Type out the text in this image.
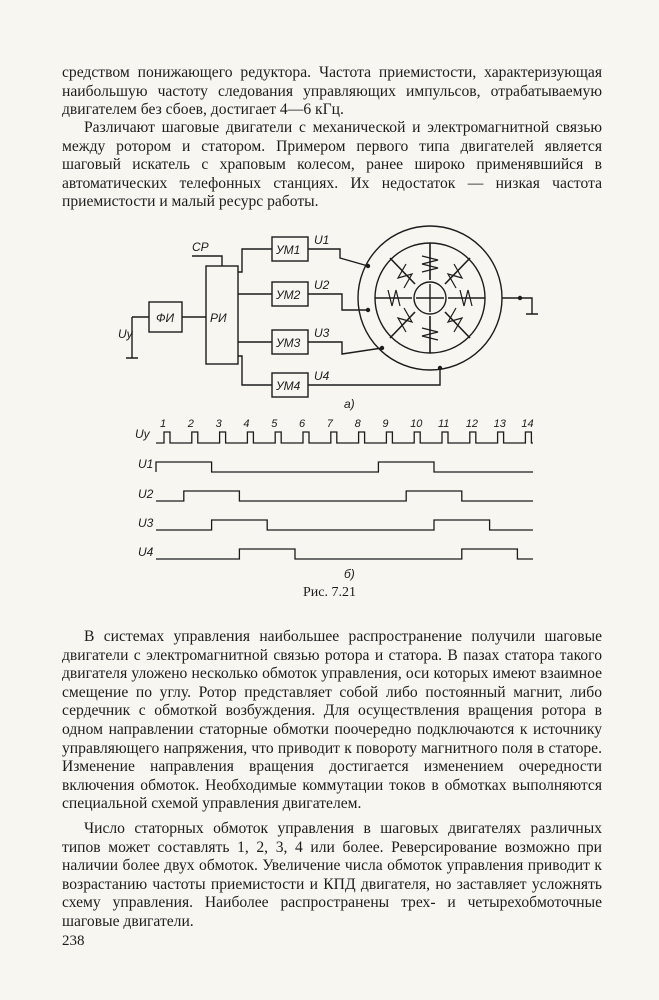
средством понижающего редуктора. Частота приемистости, характеризующая наибольшую частоту следования управляющих импульсов, отрабатываемую двигателем без сбоев, достигает 4—6 кГц.

Различают шаговые двигатели с механической и электромагнитной связью между ротором и статором. Примером первого типа двигателей является шаговый искатель с храповым колесом, ранее широко применявшийся в автоматических телефонных станциях. Их недостаток — низкая частота приемистости и малый ресурс работы.

ФИ	РИ
УМ1
УМ2
УМ3
УМ4
СР
Uу
U1
U2
U3
U4
а)
Uу
U1
U2
U3
U4
1 2 3 4 5 6 7 8 9 10 11 12 13 14
б)
Рис. 7.21

В системах управления наибольшее распространение получили шаговые двигатели с электромагнитной связью ротора и статора. В пазах статора такого двигателя уложено несколько обмоток управления, оси которых имеют взаимное смещение по углу. Ротор представляет собой либо постоянный магнит, либо сердечник с обмоткой возбуждения. Для осуществления вращения ротора в одном направлении статорные обмотки поочередно подключаются к источнику управляющего напряжения, что приводит к повороту магнитного поля в статоре. Изменение направления вращения достигается изменением очередности включения обмоток. Необходимые коммутации токов в обмотках выполняются специальной схемой управления двигателем.

Число статорных обмоток управления в шаговых двигателях различных типов может составлять 1, 2, 3, 4 или более. Реверсирование возможно при наличии более двух обмоток. Увеличение числа обмоток управления приводит к возрастанию частоты приемистости и КПД двигателя, но заставляет усложнять схему управления. Наиболее распространены трех- и четырехобмоточные шаговые двигатели.

238
